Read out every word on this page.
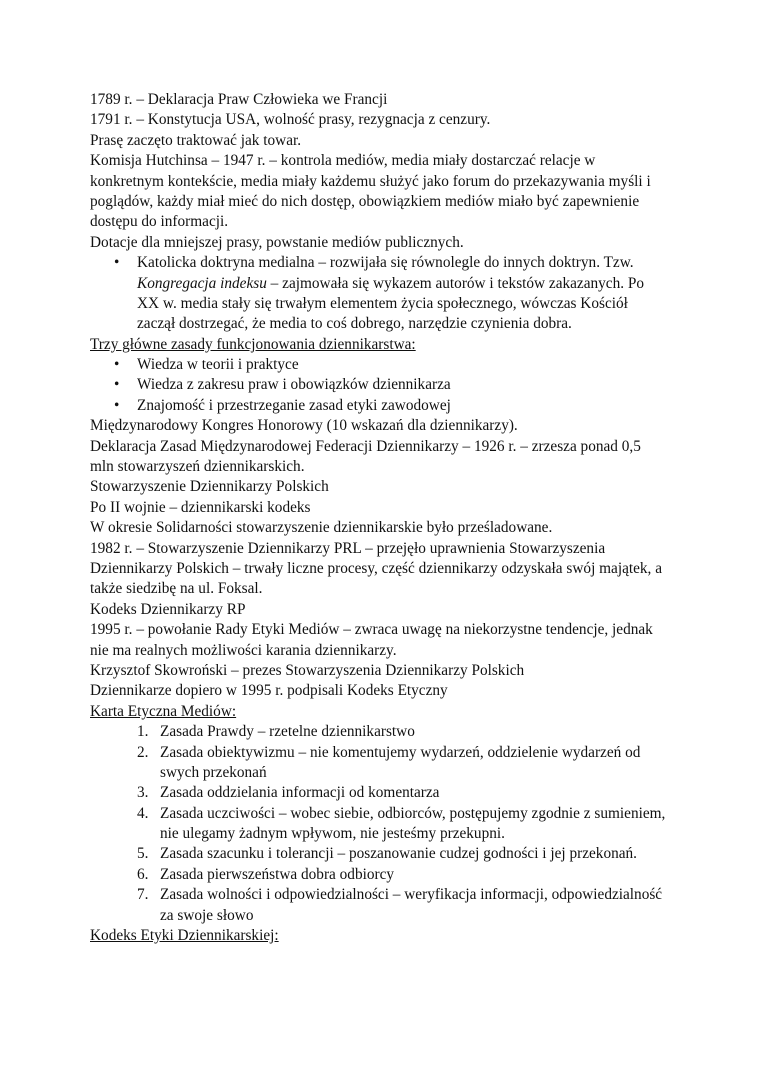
1789 r. – Deklaracja Praw Człowieka we Francji
1791 r. – Konstytucja USA, wolność prasy, rezygnacja z cenzury.
Prasę zaczęto traktować jak towar.
Komisja Hutchinsa – 1947 r. – kontrola mediów, media miały dostarczać relacje w
konkretnym kontekście, media miały każdemu służyć jako forum do przekazywania myśli i
poglądów, każdy miał mieć do nich dostęp, obowiązkiem mediów miało być zapewnienie
dostępu do informacji.
Dotacje dla mniejszej prasy, powstanie mediów publicznych.
• Katolicka doktryna medialna – rozwijała się równolegle do innych doktryn. Tzw.
Kongregacja indeksu – zajmowała się wykazem autorów i tekstów zakazanych. Po
XX w. media stały się trwałym elementem życia społecznego, wówczas Kościół
zaczął dostrzegać, że media to coś dobrego, narzędzie czynienia dobra.
Trzy główne zasady funkcjonowania dziennikarstwa:
• Wiedza w teorii i praktyce
• Wiedza z zakresu praw i obowiązków dziennikarza
• Znajomość i przestrzeganie zasad etyki zawodowej
Międzynarodowy Kongres Honorowy (10 wskazań dla dziennikarzy).
Deklaracja Zasad Międzynarodowej Federacji Dziennikarzy – 1926 r. – zrzesza ponad 0,5
mln stowarzyszeń dziennikarskich.
Stowarzyszenie Dziennikarzy Polskich
Po II wojnie – dziennikarski kodeks
W okresie Solidarności stowarzyszenie dziennikarskie było prześladowane.
1982 r. – Stowarzyszenie Dziennikarzy PRL – przejęło uprawnienia Stowarzyszenia
Dziennikarzy Polskich – trwały liczne procesy, część dziennikarzy odzyskała swój majątek, a
także siedzibę na ul. Foksal.
Kodeks Dziennikarzy RP
1995 r. – powołanie Rady Etyki Mediów – zwraca uwagę na niekorzystne tendencje, jednak
nie ma realnych możliwości karania dziennikarzy.
Krzysztof Skowroński – prezes Stowarzyszenia Dziennikarzy Polskich
Dziennikarze dopiero w 1995 r. podpisali Kodeks Etyczny
Karta Etyczna Mediów:
1. Zasada Prawdy – rzetelne dziennikarstwo
2. Zasada obiektywizmu – nie komentujemy wydarzeń, oddzielenie wydarzeń od
swych przekonań
3. Zasada oddzielania informacji od komentarza
4. Zasada uczciwości – wobec siebie, odbiorców, postępujemy zgodnie z sumieniem,
nie ulegamy żadnym wpływom, nie jesteśmy przekupni.
5. Zasada szacunku i tolerancji – poszanowanie cudzej godności i jej przekonań.
6. Zasada pierwszeństwa dobra odbiorcy
7. Zasada wolności i odpowiedzialności – weryfikacja informacji, odpowiedzialność
za swoje słowo
Kodeks Etyki Dziennikarskiej:
